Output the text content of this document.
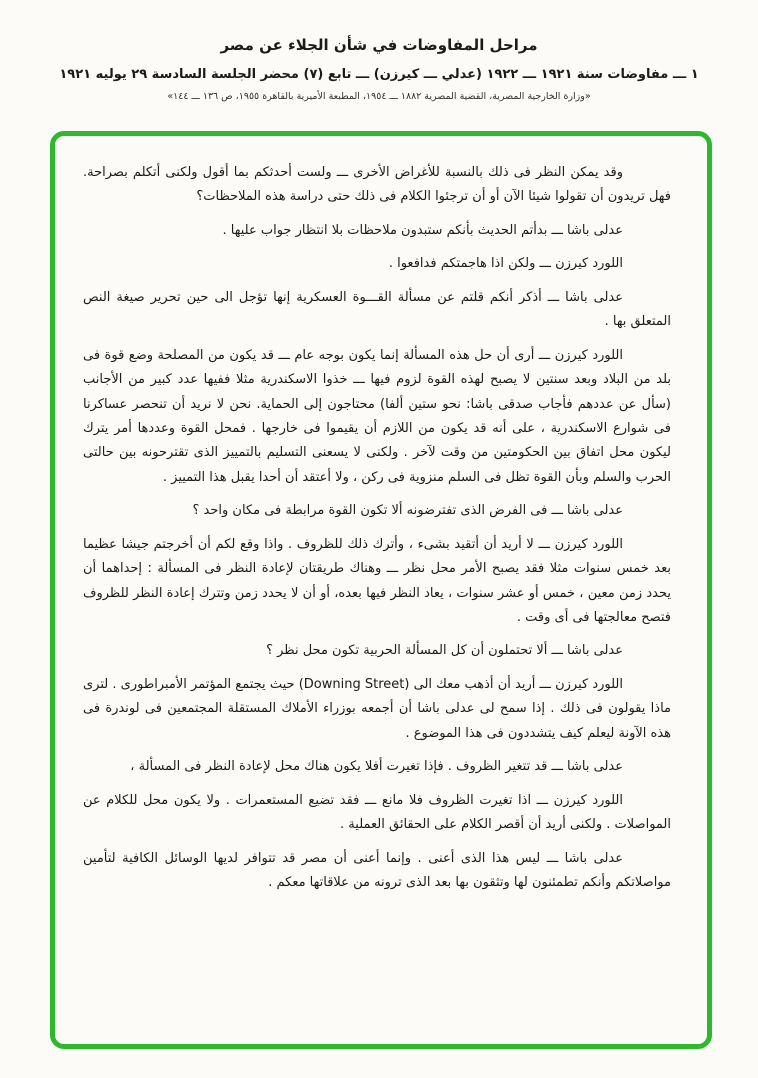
مراحل المفاوضات في شأن الجلاء عن مصر
١ ـــ مفاوضات سنة ١٩٢١ ـــ ١٩٢٢ (عدلي ـــ كيرزن) ـــ تابع (٧) محضر الجلسة السادسة ٢٩ يوليه ١٩٢١
«وزارة الخارجية المصرية، القضية المصرية ١٨٨٢ ـــ ١٩٥٤، المطبعة الأميرية بالقاهرة ١٩٥٥، ص ١٣٦ ـــ ١٤٤»

وقد يمكن النظر فى ذلك بالنسبة للأغراض الأخرى ـــ ولست أحدثكم بما أقول ولكنى أتكلم بصراحة. فهل تريدون أن تقولوا شيئا الآن أو أن ترجئوا الكلام فى ذلك حتى دراسة هذه الملاحظات؟

عدلى باشا ـــ بدأتم الحديث بأنكم ستبدون ملاحظات بلا انتظار جواب عليها .

اللورد كيرزن ـــ ولكن اذا هاجمتكم فدافعوا .

عدلى باشا ـــ أذكر أنكم قلتم عن مسألة القـــوة العسكرية إنها تؤجل الى حين تحرير صيغة النص المتعلق بها .

اللورد كيرزن ـــ أرى أن حل هذه المسألة إنما يكون بوجه عام ـــ قد يكون من المصلحة وضع قوة فى بلد من البلاد وبعد سنتين لا يصبح لهذه القوة لزوم فيها ـــ خذوا الاسكندرية مثلا ففيها عدد كبير من الأجانب (سأل عن عددهم فأجاب صدقى باشا: نحو ستين ألفا) محتاجون إلى الحماية. نحن لا نريد أن تنحصر عساكرنا فى شوارع الاسكندرية ، على أنه قد يكون من اللازم أن يقيموا فى خارجها . فمحل القوة وعددها أمر يترك ليكون محل اتفاق بين الحكومتين من وقت لآخر . ولكنى لا يسعنى التسليم بالتمييز الذى تقترحونه بين حالتى الحرب والسلم وبأن القوة تظل فى السلم منزوية فى ركن ، ولا أعتقد أن أحدا يقبل هذا التمييز .

عدلى باشا ـــ فى الفرض الذى تفترضونه ألا تكون القوة مرابطة فى مكان واحد ؟

اللورد كيرزن ـــ لا أريد أن أتقيد بشىء ، وأترك ذلك للظروف . واذا وقع لكم أن أخرجتم جيشا عظيما بعد خمس سنوات مثلا فقد يصبح الأمر محل نظر ـــ وهناك طريقتان لإعادة النظر فى المسألة : إحداهما أن يحدد زمن معين ، خمس أو عشر سنوات ، يعاد النظر فيها بعده، أو أن لا يحدد زمن وتترك إعادة النظر للظروف فتصح معالجتها فى أى وقت .

عدلى باشا ـــ ألا تحتملون أن كل المسألة الحربية تكون محل نظر ؟

اللورد كيرزن ـــ أريد أن أذهب معك الى (Downing Street) حيث يجتمع المؤتمر الأمبراطورى . لترى ماذا يقولون فى ذلك . إذا سمح لى عدلى باشا أن أجمعه بوزراء الأملاك المستقلة المجتمعين فى لوندرة فى هذه الآونة ليعلم كيف يتشددون فى هذا الموضوع .

عدلى باشا ـــ قد تتغير الظروف . فإذا تغيرت أفلا يكون هناك محل لإعادة النظر فى المسألة ،

اللورد كيرزن ـــ اذا تغيرت الظروف فلا مانع ـــ فقد تضيع المستعمرات . ولا يكون محل للكلام عن المواصلات . ولكنى أريد أن أقصر الكلام على الحقائق العملية .

عدلى باشا ـــ ليس هذا الذى أعنى . وإنما أعنى أن مصر قد تتوافر لديها الوسائل الكافية لتأمين مواصلاتكم وأنكم تطمئنون لها وتثقون بها بعد الذى ترونه من علاقاتها معكم .
